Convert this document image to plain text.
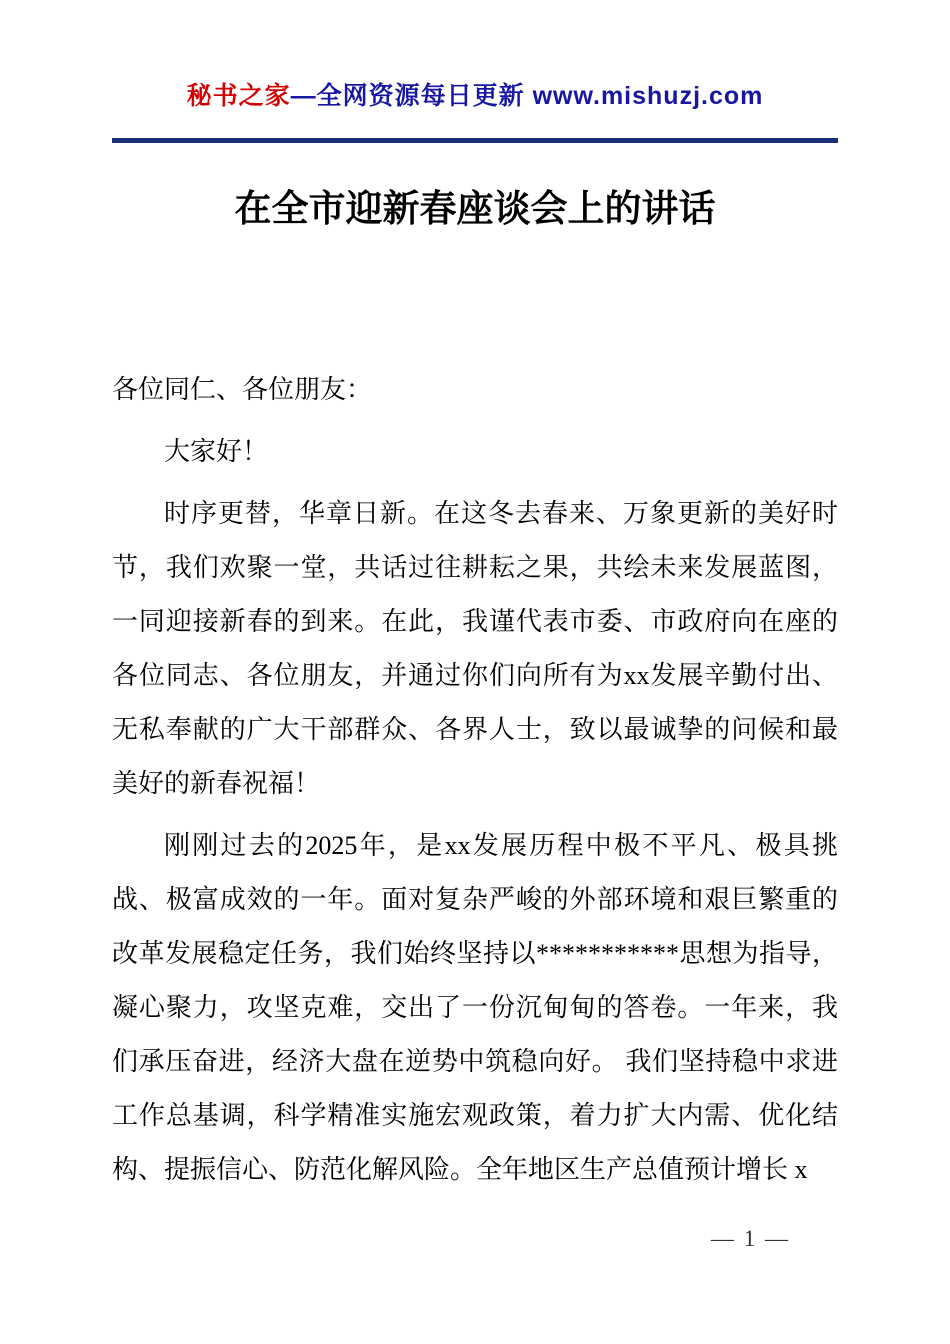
秘书之家—全网资源每日更新 www.mishuzj.com
在全市迎新春座谈会上的讲话

各位同仁、各位朋友：

大家好！

时序更替，华章日新。在这冬去春来、万象更新的美好时节，我们欢聚一堂，共话过往耕耘之果，共绘未来发展蓝图，一同迎接新春的到来。在此，我谨代表市委、市政府向在座的各位同志、各位朋友，并通过你们向所有为xx发展辛勤付出、无私奉献的广大干部群众、各界人士，致以最诚挚的问候和最美好的新春祝福！

刚刚过去的2025年，是xx发展历程中极不平凡、极具挑战、极富成效的一年。面对复杂严峻的外部环境和艰巨繁重的改革发展稳定任务，我们始终坚持以***********思想为指导，凝心聚力，攻坚克难，交出了一份沉甸甸的答卷。一年来，我们承压奋进，经济大盘在逆势中筑稳向好。 我们坚持稳中求进工作总基调，科学精准实施宏观政策，着力扩大内需、优化结构、提振信心、防范化解风险。全年地区生产总值预计增长 x

— 1 —
